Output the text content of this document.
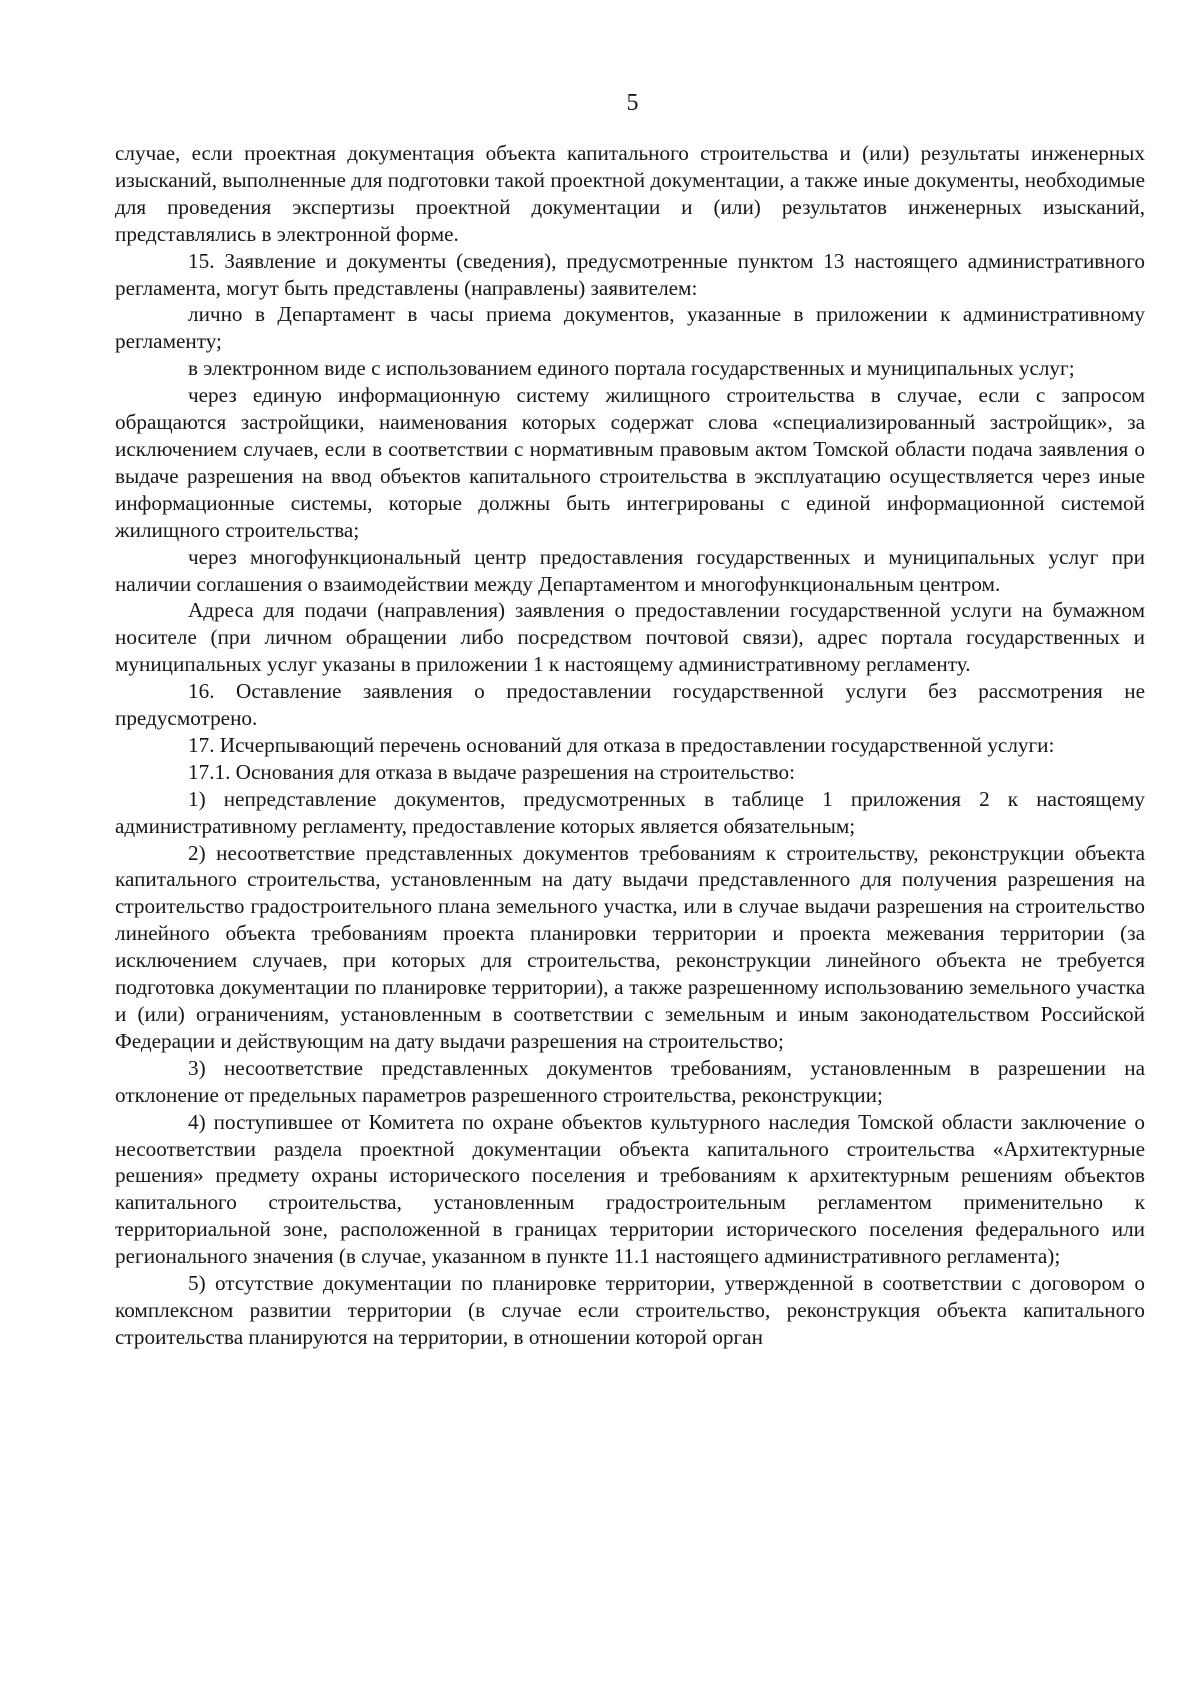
5

случае, если проектная документация объекта капитального строительства и (или) результаты инженерных изысканий, выполненные для подготовки такой проектной документации, а также иные документы, необходимые для проведения экспертизы проектной документации и (или) результатов инженерных изысканий, представлялись в электронной форме.

15. Заявление и документы (сведения), предусмотренные пунктом 13 настоящего административного регламента, могут быть представлены (направлены) заявителем:

лично в Департамент в часы приема документов, указанные в приложении к административному регламенту;

в электронном виде с использованием единого портала государственных и муниципальных услуг;

через единую информационную систему жилищного строительства в случае, если с запросом обращаются застройщики, наименования которых содержат слова «специализированный застройщик», за исключением случаев, если в соответствии с нормативным правовым актом Томской области подача заявления о выдаче разрешения на ввод объектов капитального строительства в эксплуатацию осуществляется через иные информационные системы, которые должны быть интегрированы с единой информационной системой жилищного строительства;

через многофункциональный центр предоставления государственных и муниципальных услуг при наличии соглашения о взаимодействии между Департаментом и многофункциональным центром.

Адреса для подачи (направления) заявления о предоставлении государственной услуги на бумажном носителе (при личном обращении либо посредством почтовой связи), адрес портала государственных и муниципальных услуг указаны в приложении 1 к настоящему административному регламенту.

16. Оставление заявления о предоставлении государственной услуги без рассмотрения не предусмотрено.

17. Исчерпывающий перечень оснований для отказа в предоставлении государственной услуги:

17.1. Основания для отказа в выдаче разрешения на строительство:

1) непредставление документов, предусмотренных в таблице 1 приложения 2 к настоящему административному регламенту, предоставление которых является обязательным;

2) несоответствие представленных документов требованиям к строительству, реконструкции объекта капитального строительства, установленным на дату выдачи представленного для получения разрешения на строительство градостроительного плана земельного участка, или в случае выдачи разрешения на строительство линейного объекта требованиям проекта планировки территории и проекта межевания территории (за исключением случаев, при которых для строительства, реконструкции линейного объекта не требуется подготовка документации по планировке территории), а также разрешенному использованию земельного участка и (или) ограничениям, установленным в соответствии с земельным и иным законодательством Российской Федерации и действующим на дату выдачи разрешения на строительство;

3) несоответствие представленных документов требованиям, установленным в разрешении на отклонение от предельных параметров разрешенного строительства, реконструкции;

4) поступившее от Комитета по охране объектов культурного наследия Томской области заключение о несоответствии раздела проектной документации объекта капитального строительства «Архитектурные решения» предмету охраны исторического поселения и требованиям к архитектурным решениям объектов капитального строительства, установленным градостроительным регламентом применительно к территориальной зоне, расположенной в границах территории исторического поселения федерального или регионального значения (в случае, указанном в пункте 11.1 настоящего административного регламента);

5) отсутствие документации по планировке территории, утвержденной в соответствии с договором о комплексном развитии территории (в случае если строительство, реконструкция объекта капитального строительства планируются на территории, в отношении которой орган
